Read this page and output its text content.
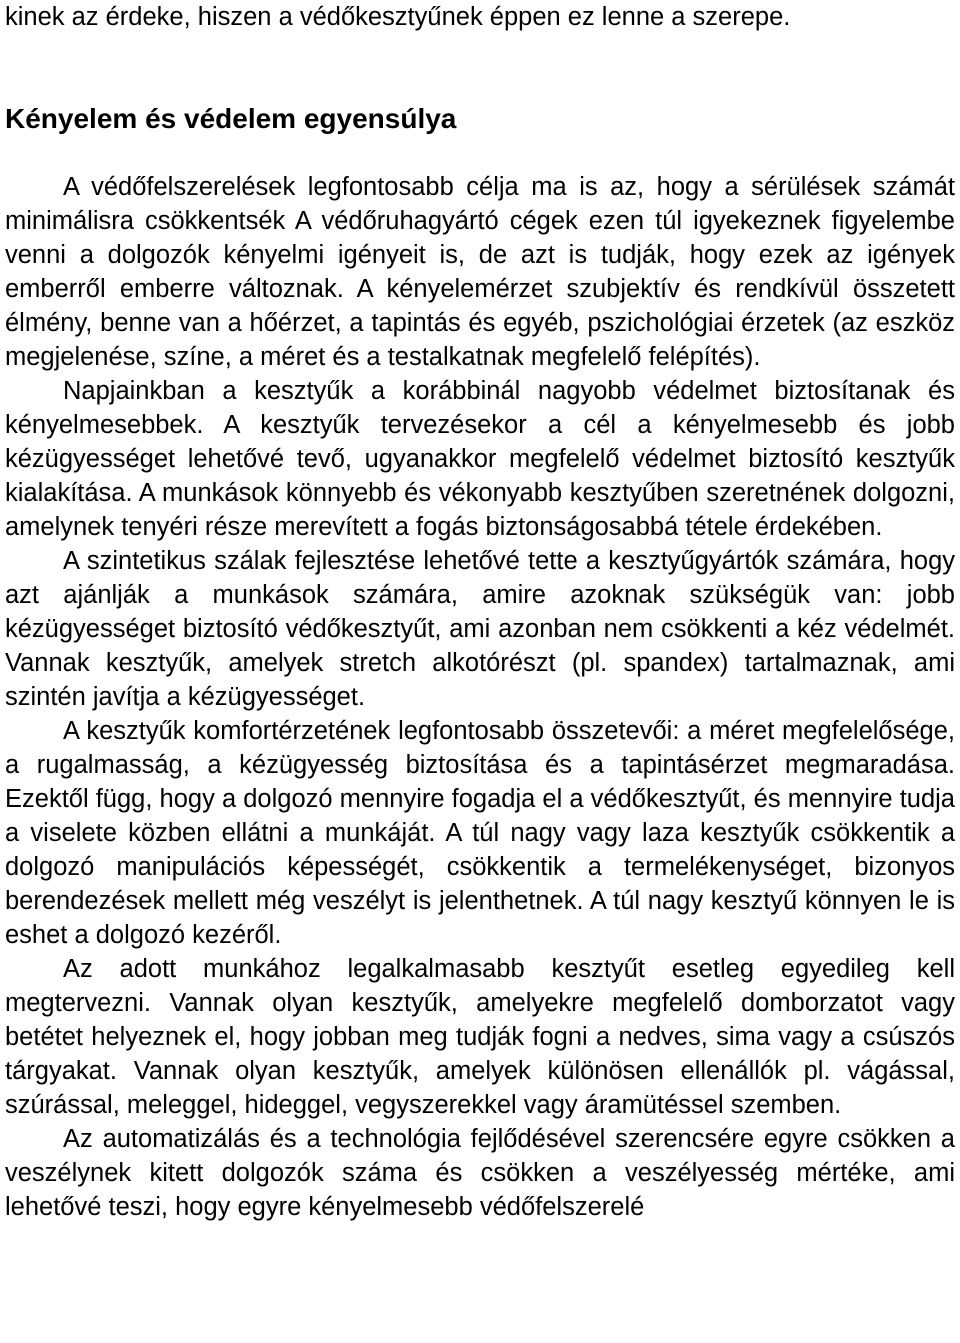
kinek az érdeke, hiszen a védőkesztyűnek éppen ez lenne a szerepe.

Kényelem és védelem egyensúlya

A védőfelszerelések legfontosabb célja ma is az, hogy a sérülések számát minimálisra csökkentsék A védőruhagyártó cégek ezen túl igyekeznek figyelembe venni a dolgozók kényelmi igényeit is, de azt is tudják, hogy ezek az igények emberről emberre változnak. A kényelemérzet szubjektív és rendkívül összetett élmény, benne van a hőérzet, a tapintás és egyéb, pszichológiai érzetek (az eszköz megjelenése, színe, a méret és a testalkatnak megfelelő felépítés).

Napjainkban a kesztyűk a korábbinál nagyobb védelmet biztosítanak és kényelmesebbek. A kesztyűk tervezésekor a cél a kényelmesebb és jobb kézügyességet lehetővé tevő, ugyanakkor megfelelő védelmet biztosító kesztyűk kialakítása. A munkások könnyebb és vékonyabb kesztyűben szeretnének dolgozni, amelynek tenyéri része merevített a fogás biztonságosabbá tétele érdekében.

A szintetikus szálak fejlesztése lehetővé tette a kesztyűgyártók számára, hogy azt ajánlják a munkások számára, amire azoknak szükségük van: jobb kézügyességet biztosító védőkesztyűt, ami azonban nem csökkenti a kéz védelmét. Vannak kesztyűk, amelyek stretch alkotórészt (pl. spandex) tartalmaznak, ami szintén javítja a kézügyességet.

A kesztyűk komfortérzetének legfontosabb összetevői: a méret megfelelősége, a rugalmasság, a kézügyesség biztosítása és a tapintásérzet megmaradása. Ezektől függ, hogy a dolgozó mennyire fogadja el a védőkesztyűt, és mennyire tudja a viselete közben ellátni a munkáját. A túl nagy vagy laza kesztyűk csökkentik a dolgozó manipulációs képességét, csökkentik a termelékenységet, bizonyos berendezések mellett még veszélyt is jelenthetnek. A túl nagy kesztyű könnyen le is eshet a dolgozó kezéről.

Az adott munkához legalkalmasabb kesztyűt esetleg egyedileg kell megtervezni. Vannak olyan kesztyűk, amelyekre megfelelő domborzatot vagy betétet helyeznek el, hogy jobban meg tudják fogni a nedves, sima vagy a csúszós tárgyakat. Vannak olyan kesztyűk, amelyek különösen ellenállók pl. vágással, szúrással, meleggel, hideggel, vegyszerekkel vagy áramütéssel szemben.

Az automatizálás és a technológia fejlődésével szerencsére egyre csökken a veszélynek kitett dolgozók száma és csökken a veszélyesség mértéke, ami lehetővé teszi, hogy egyre kényelmesebb védőfelszerelé
